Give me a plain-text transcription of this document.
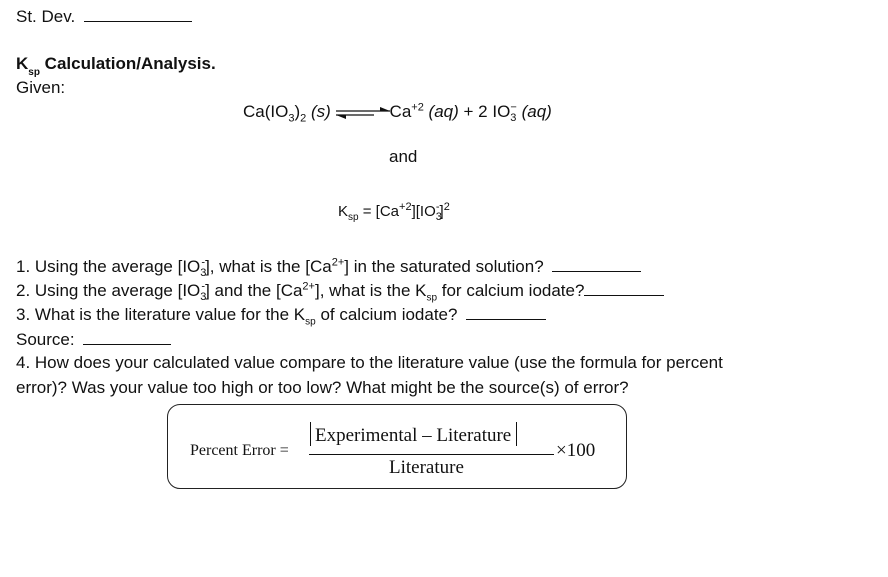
St. Dev.
$K_{sp}$ Calculation/Analysis.
Given:
$Ca(IO_3)_2$ (s)	$Ca^{+2}$ (aq) + 2 $IO_3^-$ (aq)
and
$K_{sp} = [Ca^{+2}][IO_3^-]^2$
1. Using the average $[IO_3^-]$, what is the $[Ca^{2+}]$ in the saturated solution?
2. Using the average $[IO_3^-]$ and the $[Ca^{2+}]$, what is the $K_{sp}$ for calcium iodate?
3. What is the literature value for the $K_{sp}$ of calcium iodate?
Source:
4. How does your calculated value compare to the literature value (use the formula for percent
error)? Was your value too high or too low? What might be the source(s) of error?
Percent Error =
Experimental – Literature
Literature
×100
